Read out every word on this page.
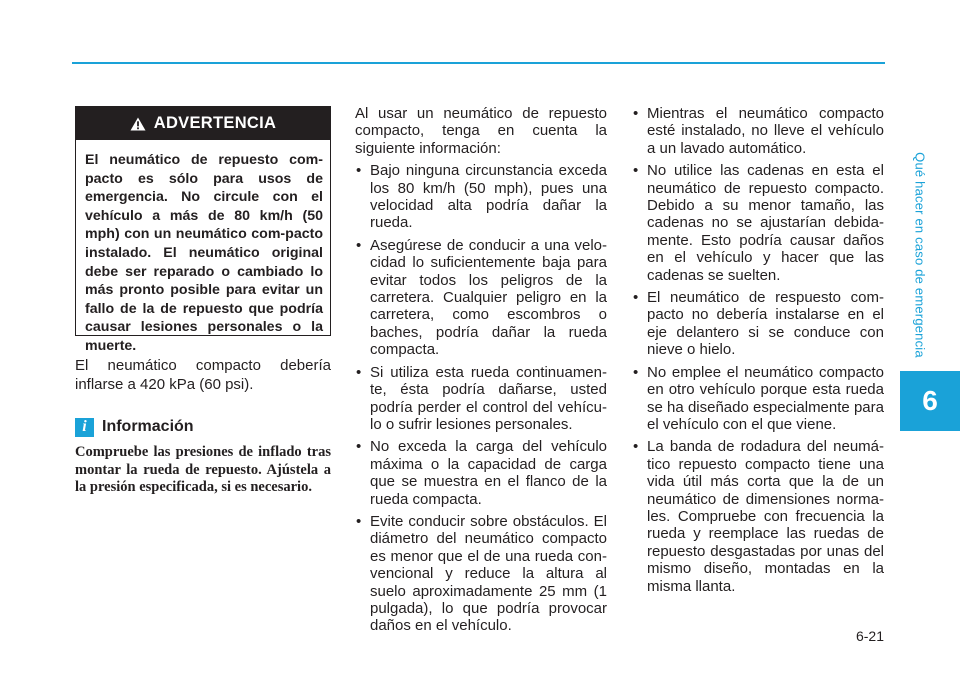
Qué hacer en caso de emergencia
6
ADVERTENCIA

El neumático de repuesto com-pacto es sólo para usos de emergencia. No circule con el vehículo a más de 80 km/h (50 mph) con un neumático com-pacto instalado. El neumático original debe ser reparado o cambiado lo más pronto posible para evitar un fallo de la de repuesto que podría causar lesiones personales o la muerte.

El neumático compacto debería inflarse a 420 kPa (60 psi).

i Información

Compruebe las presiones de inflado tras montar la rueda de repuesto. Ajústela a la presión especificada, si es necesario.

Al usar un neumático de repuesto compacto, tenga en cuenta la siguiente información:

• Bajo ninguna circunstancia exceda los 80 km/h (50 mph), pues una velocidad alta podría dañar la rueda.
• Asegúrese de conducir a una velo-cidad lo suficientemente baja para evitar todos los peligros de la carretera. Cualquier peligro en la carretera, como escombros o baches, podría dañar la rueda compacta.
• Si utiliza esta rueda continuamen-te, ésta podría dañarse, usted podría perder el control del vehícu-lo o sufrir lesiones personales.
• No exceda la carga del vehículo máxima o la capacidad de carga que se muestra en el flanco de la rueda compacta.
• Evite conducir sobre obstáculos. El diámetro del neumático compacto es menor que el de una rueda con-vencional y reduce la altura al suelo aproximadamente 25 mm (1 pulgada), lo que podría provocar daños en el vehículo.
• Mientras el neumático compacto esté instalado, no lleve el vehículo a un lavado automático.
• No utilice las cadenas en esta el neumático de repuesto compacto. Debido a su menor tamaño, las cadenas no se ajustarían debida-mente. Esto podría causar daños en el vehículo y hacer que las cadenas se suelten.
• El neumático de respuesto com-pacto no debería instalarse en el eje delantero si se conduce con nieve o hielo.
• No emplee el neumático compacto en otro vehículo porque esta rueda se ha diseñado especialmente para el vehículo con el que viene.
• La banda de rodadura del neumá-tico repuesto compacto tiene una vida útil más corta que la de un neumático de dimensiones norma-les. Compruebe con frecuencia la rueda y reemplace las ruedas de repuesto desgastadas por unas del mismo diseño, montadas en la misma llanta.
6-21
